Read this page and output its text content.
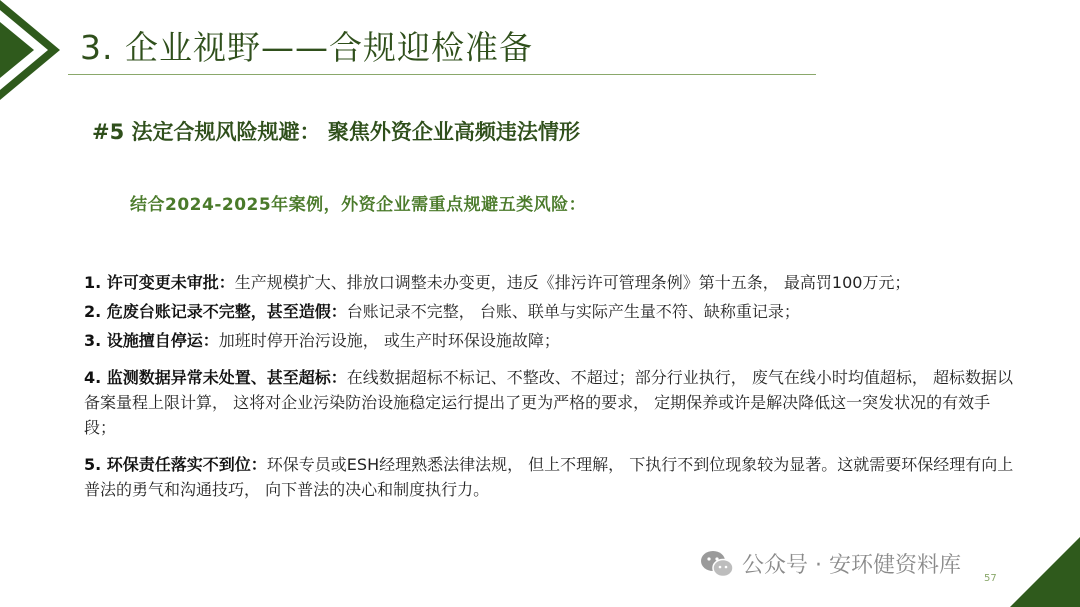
3. 企业视野——合规迎检准备
#5 法定合规风险规避： 聚焦外资企业高频违法情形
结合2024-2025年案例，外资企业需重点规避五类风险：
1. 许可变更未审批：生产规模扩大、排放口调整未办变更，违反《排污许可管理条例》第十五条， 最高罚100万元；
2. 危废台账记录不完整，甚至造假：台账记录不完整， 台账、联单与实际产生量不符、缺称重记录；
3. 设施擅自停运：加班时停开治污设施， 或生产时环保设施故障；
4. 监测数据异常未处置、甚至超标：在线数据超标不标记、不整改、不超过；部分行业执行， 废气在线小时均值超标， 超标数据以备案量程上限计算， 这将对企业污染防治设施稳定运行提出了更为严格的要求， 定期保养或许是解决降低这一突发状况的有效手段；
5. 环保责任落实不到位：环保专员或ESH经理熟悉法律法规， 但上不理解， 下执行不到位现象较为显著。这就需要环保经理有向上普法的勇气和沟通技巧， 向下普法的决心和制度执行力。
公众号 · 安环健资料库
57
